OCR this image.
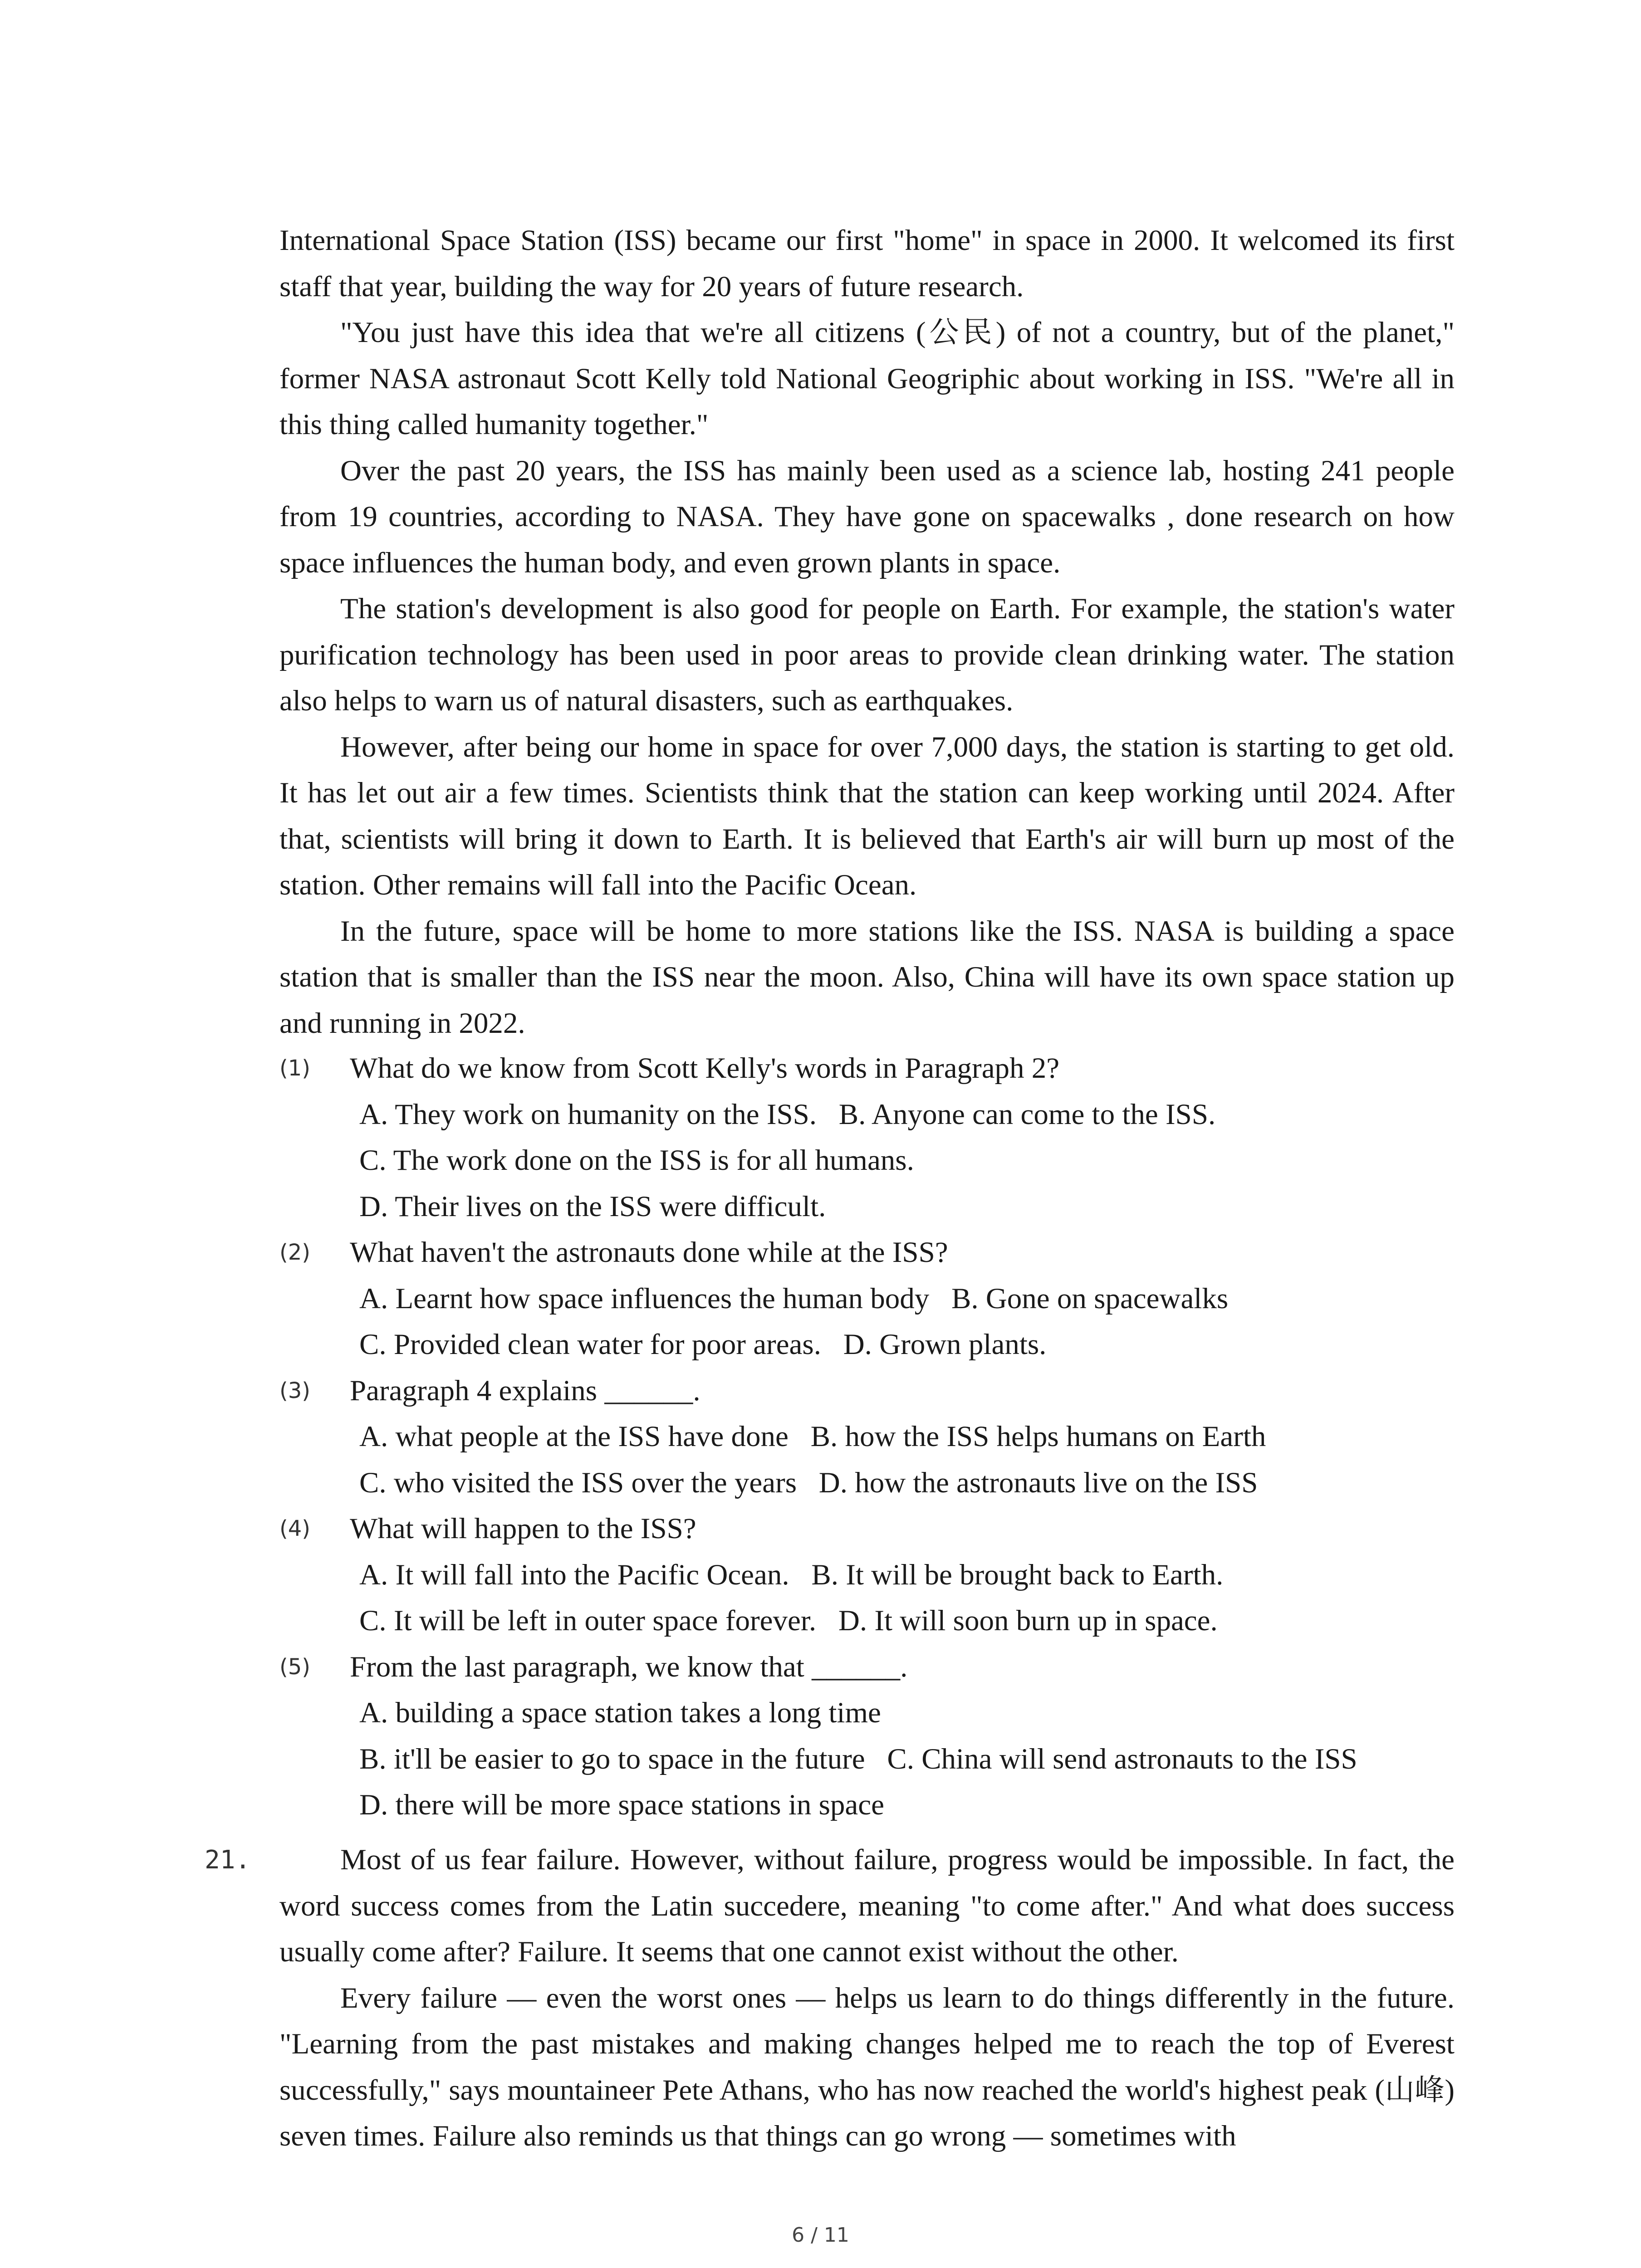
International Space Station (ISS) became our first "home" in space in 2000. It welcomed its first staff that year, building the way for 20 years of future research.

"You just have this idea that we're all citizens (公民) of not a country, but of the planet," former NASA astronaut Scott Kelly told National Geogriphic about working in ISS. "We're all in this thing called humanity together."

Over the past 20 years, the ISS has mainly been used as a science lab, hosting 241 people from 19 countries, according to NASA. They have gone on spacewalks , done research on how space influences the human body, and even grown plants in space.

The station's development is also good for people on Earth. For example, the station's water purification technology has been used in poor areas to provide clean drinking water. The station also helps to warn us of natural disasters, such as earthquakes.

However, after being our home in space for over 7,000 days, the station is starting to get old. It has let out air a few times. Scientists think that the station can keep working until 2024. After that, scientists will bring it down to Earth. It is believed that Earth's air will burn up most of the station. Other remains will fall into the Pacific Ocean.

In the future, space will be home to more stations like the ISS. NASA is building a space station that is smaller than the ISS near the moon. Also, China will have its own space station up and running in 2022.

(1)	What do we know from Scott Kelly's words in Paragraph 2?
A. They work on humanity on the ISS.   B. Anyone can come to the ISS.
C. The work done on the ISS is for all humans.
D. Their lives on the ISS were difficult.
(2)	What haven't the astronauts done while at the ISS?
A. Learnt how space influences the human body   B. Gone on spacewalks
C. Provided clean water for poor areas.   D. Grown plants.
(3)	Paragraph 4 explains ______.
A. what people at the ISS have done   B. how the ISS helps humans on Earth
C. who visited the ISS over the years   D. how the astronauts live on the ISS
(4)	What will happen to the ISS?
A. It will fall into the Pacific Ocean.   B. It will be brought back to Earth.
C. It will be left in outer space forever.   D. It will soon burn up in space.
(5)	From the last paragraph, we know that ______.
A. building a space station takes a long time
B. it'll be easier to go to space in the future   C. China will send astronauts to the ISS
D. there will be more space stations in space
21.	Most of us fear failure. However, without failure, progress would be impossible. In fact, the word success comes from the Latin succedere, meaning "to come after." And what does success usually come after? Failure. It seems that one cannot exist without the other.

Every failure — even the worst ones — helps us learn to do things differently in the future. "Learning from the past mistakes and making changes helped me to reach the top of Everest successfully," says mountaineer Pete Athans, who has now reached the world's highest peak (山峰) seven times. Failure also reminds us that things can go wrong — sometimes with

6 / 11
